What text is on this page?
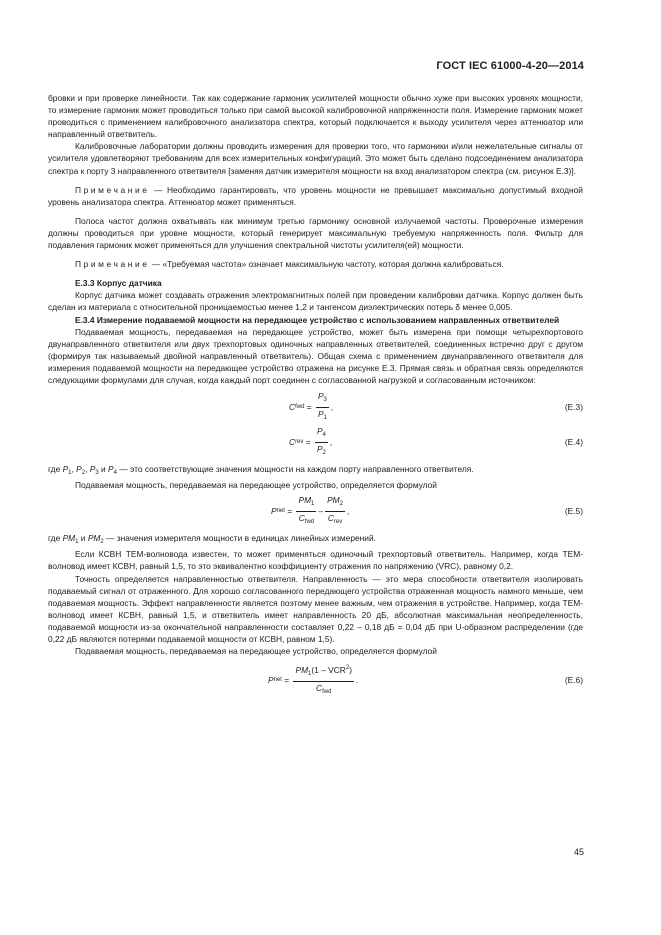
ГОСТ IEC 61000-4-20—2014

бровки и при проверке линейности. Так как содержание гармоник усилителей мощности обычно хуже при высоких уровнях мощности, то измерение гармоник может проводиться только при самой высокой калибровочной напряженности поля. Измерение гармоник может проводиться с применением калибровочного анализатора спектра, который подключается к выходу усилителя через аттенюатор или направленный ответвитель.

Калибровочные лаборатории должны проводить измерения для проверки того, что гармоники и/или нежелательные сигналы от усилителя удовлетворяют требованиям для всех измерительных конфигураций. Это может быть сделано подсоединением анализатора спектра к порту 3 направленного ответвителя [заменяя датчик измерителя мощности на вход анализатором спектра (см. рисунок Е.3)].

Примечание — Необходимо гарантировать, что уровень мощности не превышает максимально допустимый входной уровень анализатора спектра. Аттенюатор может применяться.

Полоса частот должна охватывать как минимум третью гармонику основной излучаемой частоты. Проверочные измерения должны проводиться при уровне мощности, который генерирует максимальную требуемую напряженность поля. Фильтр для подавления гармоник может применяться для улучшения спектральной чистоты усилителя(ей) мощности.

Примечание — «Требуемая частота» означает максимальную частоту, которая должна калиброваться.

Е.3.3 Корпус датчика

Корпус датчика может создавать отражения электромагнитных полей при проведении калибровки датчика. Корпус должен быть сделан из материала с относительной проницаемостью менее 1,2 и тангенсом диэлектрических потерь δ менее 0,005.

Е.3.4 Измерение подаваемой мощности на передающее устройство с использованием направленных ответвителей

Подаваемая мощность, передаваемая на передающее устройство, может быть измерена при помощи четырехпортового двунаправленного ответвителя или двух трехпортовых одиночных направленных ответвителей, соединенных встречно друг с другом (формируя так называемый двойной направленный ответвитель). Общая схема с применением двунаправленного ответвителя для измерения подаваемой мощности на передающее устройство отражена на рисунке Е.3. Прямая связь и обратная связь определяются следующими формулами для случая, когда каждый порт соединен с согласованной нагрузкой и согласованным источником:

C fwd = $\frac{P_3}{P_1}$ ,	(Е.3)
C rev = $\frac{P_4}{P_2}$ ,	(Е.4)

где $P_1$, $P_2$, $P_3$ и $P_4$ — это соответствующие значения мощности на каждом порту направленного ответвителя.

Подаваемая мощность, передаваемая на передающее устройство, определяется формулой

P net = $\frac{PM_1}{C_{fwd}} - \frac{PM_2}{C_{rev}}$ ,	(Е.5)

где $PM_1$ и $PM_2$ — значения измерителя мощности в единицах линейных измерений.

Если КСВН ТЕМ-волновода известен, то может применяться одиночный трехпортовый ответвитель. Например, когда ТЕМ-волновод имеет КСВН, равный 1,5, то это эквивалентно коэффициенту отражения по напряжению (VRC), равному 0,2.

Точность определяется направленностью ответвителя. Направленность — это мера способности ответвителя изолировать подаваемый сигнал от отраженного. Для хорошо согласованного передающего устройства отраженная мощность намного меньше, чем подаваемая мощность. Эффект направленности является поэтому менее важным, чем отражения в устройстве. Например, когда ТЕМ-волновод имеет КСВН, равный 1,5, и ответвитель имеет направленность 20 дБ, абсолютная максимальная неопределенность, подаваемой мощности из-за окончательной направленности составляет 0,22 – 0,18 дБ = 0,04 дБ при U-образном распределении (где 0,22 дБ являются потерями подаваемой мощности от КСВН, равном 1,5).

Подаваемая мощность, передаваемая на передающее устройство, определяется формулой

P net = $\frac{PM_1(1 - VCR^2)}{C_{fwd}}$ .	(Е.6)
45
